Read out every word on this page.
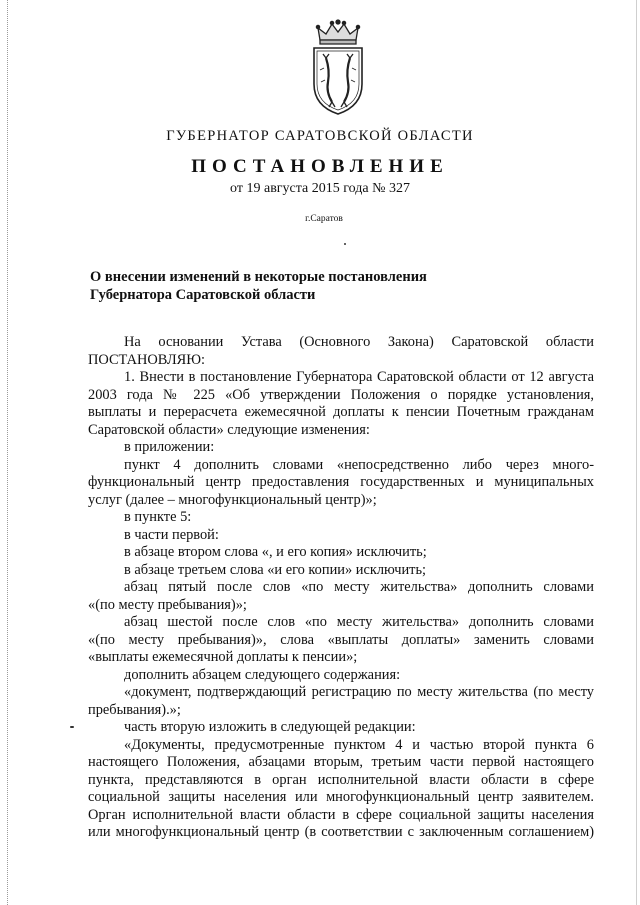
ГУБЕРНАТОР САРАТОВСКОЙ ОБЛАСТИ
ПОСТАНОВЛЕНИЕ
от 19 августа 2015 года № 327
г.Саратов
О внесении изменений в некоторые постановления
Губернатора Саратовской области
На основании Устава (Основного Закона) Саратовской области
ПОСТАНОВЛЯЮ:
1. Внести в постановление Губернатора Саратовской области от 12 августа
2003 года № 225 «Об утверждении Положения о порядке установления,
выплаты и перерасчета ежемесячной доплаты к пенсии Почетным гражданам
Саратовской области» следующие изменения:
в приложении:
пункт 4 дополнить словами «непосредственно либо через много-
функциональный центр предоставления государственных и муниципальных
услуг (далее – многофункциональный центр)»;
в пункте 5:
в части первой:
в абзаце втором слова «, и его копия» исключить;
в абзаце третьем слова «и его копии» исключить;
абзац пятый после слов «по месту жительства» дополнить словами
«(по месту пребывания)»;
абзац шестой после слов «по месту жительства» дополнить словами
«(по месту пребывания)», слова «выплаты доплаты» заменить словами
«выплаты ежемесячной доплаты к пенсии»;
дополнить абзацем следующего содержания:
«документ, подтверждающий регистрацию по месту жительства (по месту
пребывания).»;
часть вторую изложить в следующей редакции:
«Документы, предусмотренные пунктом 4 и частью второй пункта 6
настоящего Положения, абзацами вторым, третьим части первой настоящего
пункта, представляются в орган исполнительной власти области в сфере
социальной защиты населения или многофункциональный центр заявителем.
Орган исполнительной власти области в сфере социальной защиты населения
или многофункциональный центр (в соответствии с заключенным соглашением)
